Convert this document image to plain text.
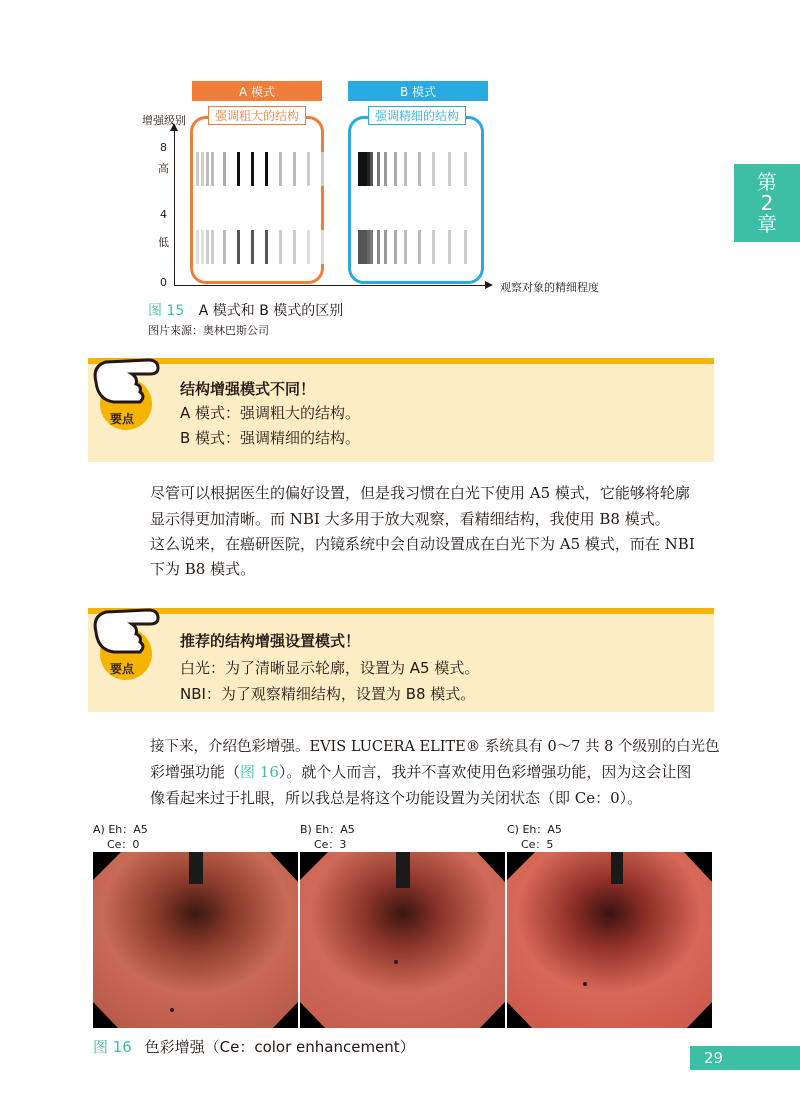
第
2
章
A 模式	B 模式
强调粗大的结构	强调精细的结构
增强级别
8
高
4
低
0	观察对象的精细程度
图 15 A 模式和 B 模式的区别
图片来源：奥林巴斯公司
要点
结构增强模式不同！
A 模式：强调粗大的结构。
B 模式：强调精细的结构。
指导医师 尽管可以根据医生的偏好设置，但是我习惯在白光下使用 A5 模式，它能够将轮廓
显示得更加清晰。而 NBI 大多用于放大观察，看精细结构，我使用 B8 模式。
住院医师 这么说来，在癌研医院，内镜系统中会自动设置成在白光下为 A5 模式，而在 NBI
下为 B8 模式。
要点
推荐的结构增强设置模式！
白光：为了清晰显示轮廓，设置为 A5 模式。
NBI：为了观察精细结构，设置为 B8 模式。
指导医师 接下来，介绍色彩增强。EVIS LUCERA ELITE® 系统具有 0～7 共 8 个级别的白光色
彩增强功能（图 16）。就个人而言，我并不喜欢使用色彩增强功能，因为这会让图
像看起来过于扎眼，所以我总是将这个功能设置为关闭状态（即 Ce：0）。
A) Eh：A5
Ce：0
B) Eh：A5
Ce：3
C) Eh：A5
Ce：5
图 16 色彩增强（Ce：color enhancement）
29
